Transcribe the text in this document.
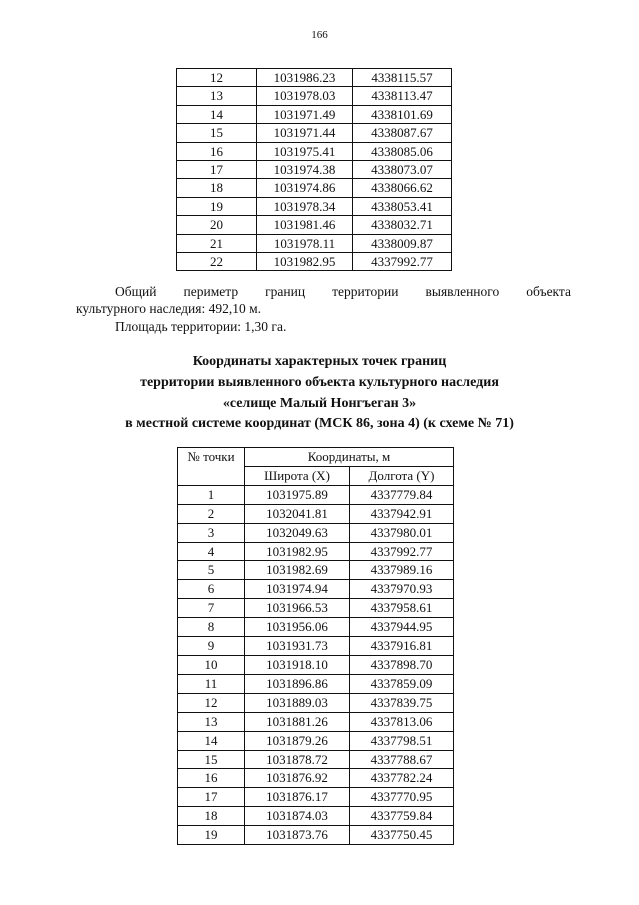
166
12	1031986.23	4338115.57
13	1031978.03	4338113.47
14	1031971.49	4338101.69
15	1031971.44	4338087.67
16	1031975.41	4338085.06
17	1031974.38	4338073.07
18	1031974.86	4338066.62
19	1031978.34	4338053.41
20	1031981.46	4338032.71
21	1031978.11	4338009.87
22	1031982.95	4337992.77
Общий периметр границ территории выявленного объекта
культурного наследия: 492,10 м.
Площадь территории: 1,30 га.
Координаты характерных точек границ
территории выявленного объекта культурного наследия
«селище Малый Нонгъеган 3»
в местной системе координат (МСК 86, зона 4) (к схеме № 71)
№ точки	Координаты, м	
	Широта (X)	Долгота (Y)
1	1031975.89	4337779.84
2	1032041.81	4337942.91
3	1032049.63	4337980.01
4	1031982.95	4337992.77
5	1031982.69	4337989.16
6	1031974.94	4337970.93
7	1031966.53	4337958.61
8	1031956.06	4337944.95
9	1031931.73	4337916.81
10	1031918.10	4337898.70
11	1031896.86	4337859.09
12	1031889.03	4337839.75
13	1031881.26	4337813.06
14	1031879.26	4337798.51
15	1031878.72	4337788.67
16	1031876.92	4337782.24
17	1031876.17	4337770.95
18	1031874.03	4337759.84
19	1031873.76	4337750.45
